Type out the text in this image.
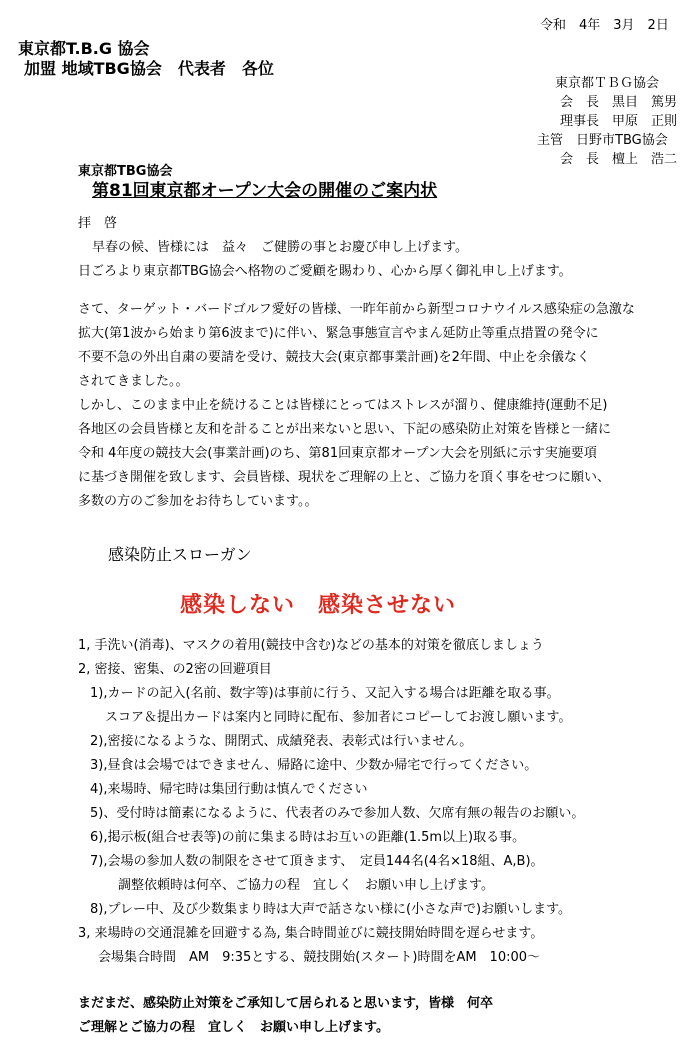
令和　4年　3月　2日
東京都T.B.G 協会
加盟 地域TBG協会　代表者　各位
東京都ＴＢＧ協会
会　長　黒目　篤男
理事長　甲原　正則
主管　日野市TBG協会
会　長　檀上　浩二
東京都TBG協会
第81回東京都オープン大会の開催のご案内状
拝　啓
早春の候、皆様には　益々　ご健勝の事とお慶び申し上げます。
日ごろより東京都TBG協会へ格物のご愛顧を賜わり、心から厚く御礼申し上げます。
さて、ターゲット・バードゴルフ愛好の皆様、一昨年前から新型コロナウイルス感染症の急激な
拡大(第1波から始まり第6波まで)に伴い、緊急事態宣言やまん延防止等重点措置の発令に
不要不急の外出自粛の要請を受け、競技大会(東京都事業計画)を2年間、中止を余儀なく
されてきました。。
しかし、このまま中止を続けることは皆様にとってはストレスが溜り、健康維持(運動不足)
各地区の会員皆様と友和を計ることが出来ないと思い、下記の感染防止対策を皆様と一緒に
令和 4年度の競技大会(事業計画)のち、第81回東京都オープン大会を別紙に示す実施要項
に基づき開催を致します、会員皆様、現状をご理解の上と、ご協力を頂く事をせつに願い、
多数の方のご参加をお待ちしています。。
感染防止スローガン
感染しない　感染させない
1, 手洗い(消毒)、マスクの着用(競技中含む)などの基本的対策を徹底しましょう
2, 密接、密集、の2密の回避項目
1),カードの記入(名前、数字等)は事前に行う、又記入する場合は距離を取る事。
スコア＆提出カードは案内と同時に配布、参加者にコピーしてお渡し願います。
2),密接になるような、開閉式、成績発表、表彰式は行いません。
3),昼食は会場ではできません、帰路に途中、少数か帰宅で行ってください。
4),来場時、帰宅時は集団行動は慎んでください
5)、受付時は簡素になるように、代表者のみで参加人数、欠席有無の報告のお願い。
6),掲示板(組合せ表等)の前に集まる時はお互いの距離(1.5m以上)取る事。
7),会場の参加人数の制限をさせて頂きます、　定員144名(4名×18組、A,B)。
調整依頼時は何卒、ご協力の程　宜しく　お願い申し上げます。
8),プレー中、及び少数集まり時は大声で話さない様に(小さな声で)お願いします。
3, 来場時の交通混雑を回避する為, 集合時間並びに競技開始時間を遅らせます。
会場集合時間　AM　9:35とする、競技開始(スタート)時間をAM　10:00～
まだまだ、感染防止対策をご承知して居られると思います，皆様　何卒
ご理解とご協力の程　宜しく　お願い申し上げます。
